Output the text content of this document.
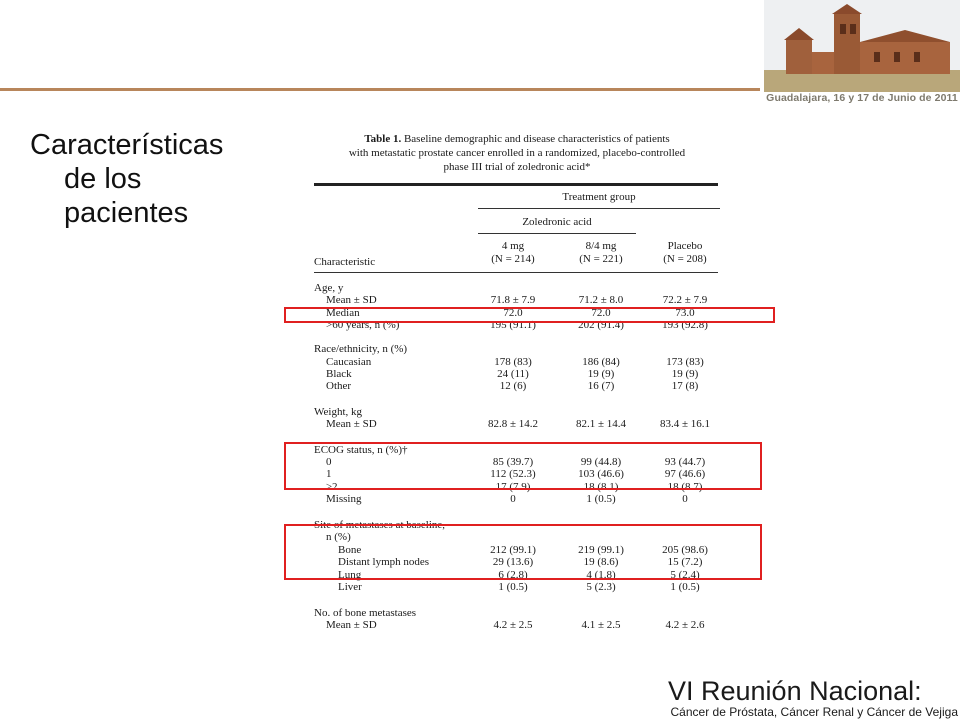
Guadalajara, 16 y 17 de Junio de 2011
Características
de los
pacientes
Table 1. Baseline demographic and disease characteristics of patients
with metastatic prostate cancer enrolled in a randomized, placebo-controlled
phase III trial of zoledronic acid*
Treatment group
Zoledronic acid
4 mg
(N = 214)
8/4 mg
(N = 221)
Placebo
(N = 208)
Characteristic
Age, y
Mean ± SD	71.8 ± 7.9	71.2 ± 8.0	72.2 ± 7.9
Median	72.0	72.0	73.0
>60 years, n (%)	195 (91.1)	202 (91.4)	193 (92.8)
Race/ethnicity, n (%)
Caucasian	178 (83)	186 (84)	173 (83)
Black	24 (11)	19 (9)	19 (9)
Other	12 (6)	16 (7)	17 (8)
Weight, kg
Mean ± SD	82.8 ± 14.2	82.1 ± 14.4	83.4 ± 16.1
ECOG status, n (%)†
0	85 (39.7)	99 (44.8)	93 (44.7)
1	112 (52.3)	103 (46.6)	97 (46.6)
≥2	17 (7.9)	18 (8.1)	18 (8.7)
Missing	0	1 (0.5)	0
Site of metastases at baseline,
n (%)
Bone	212 (99.1)	219 (99.1)	205 (98.6)
Distant lymph nodes	29 (13.6)	19 (8.6)	15 (7.2)
Lung	6 (2.8)	4 (1.8)	5 (2.4)
Liver	1 (0.5)	5 (2.3)	1 (0.5)
No. of bone metastases
Mean ± SD	4.2 ± 2.5	4.1 ± 2.5	4.2 ± 2.6
VI Reunión Nacional:
Cáncer de Próstata, Cáncer Renal y Cáncer de Vejiga
